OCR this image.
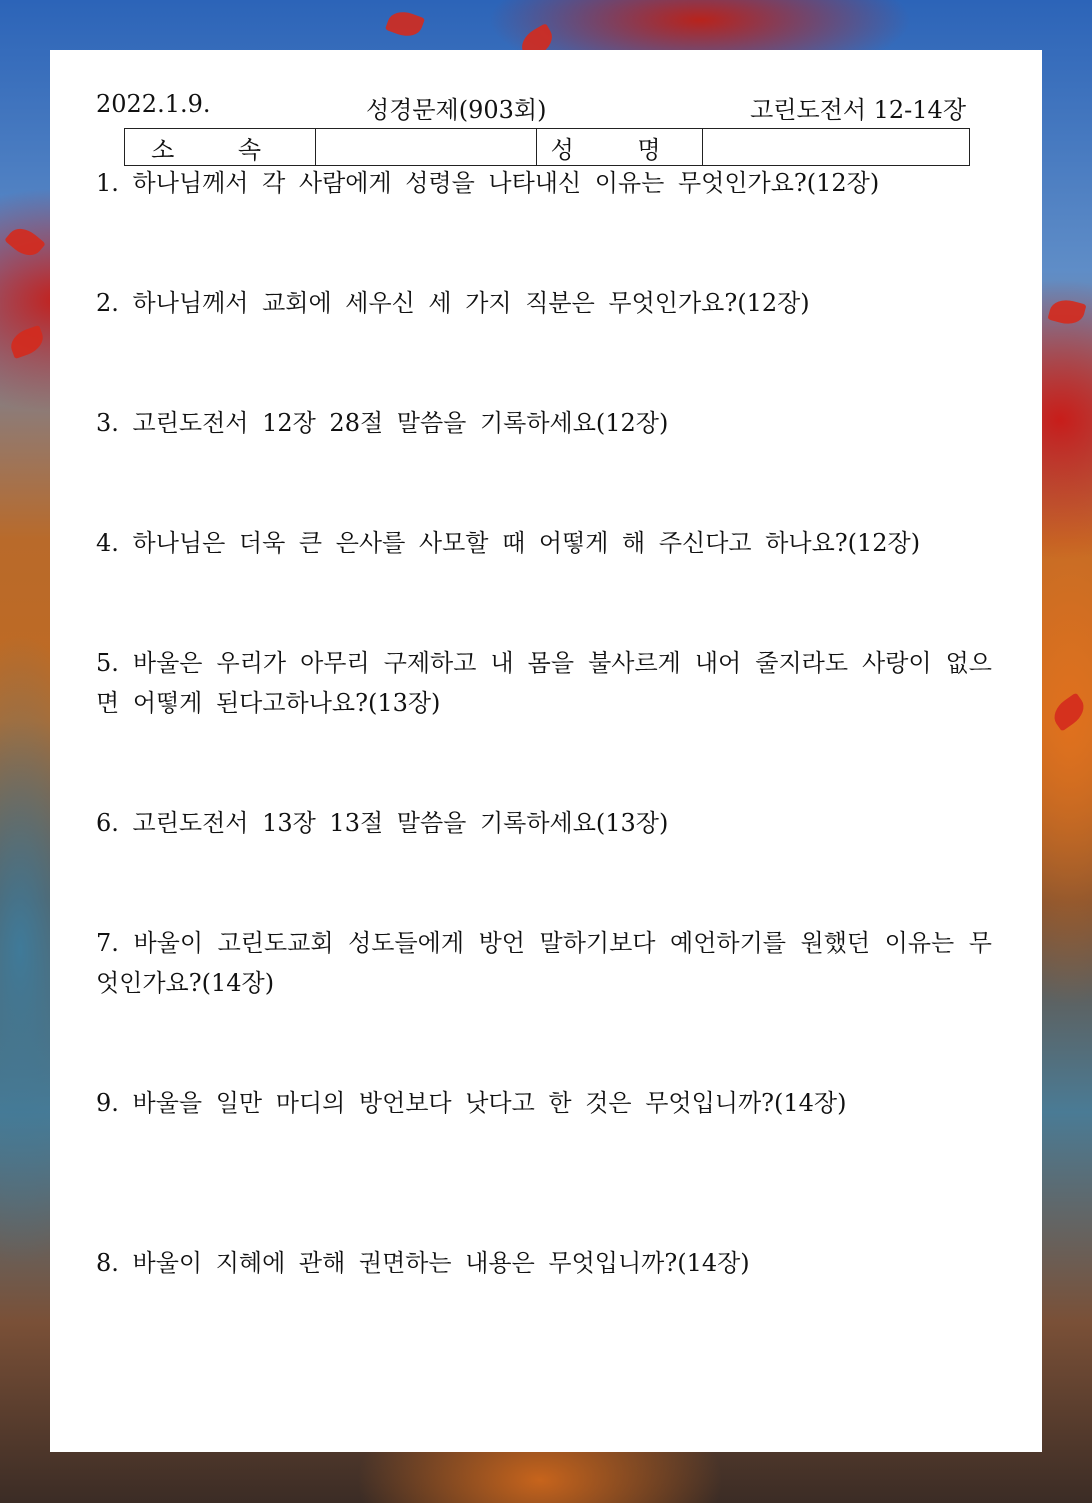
2022.1.9.	성경문제(903회)	고린도전서 12-14장
소 속		성 명	

1. 하나님께서 각 사람에게 성령을 나타내신 이유는 무엇인가요?(12장)

2. 하나님께서 교회에 세우신 세 가지 직분은 무엇인가요?(12장)

3. 고린도전서 12장 28절 말씀을 기록하세요(12장)

4. 하나님은 더욱 큰 은사를 사모할 때 어떻게 해 주신다고 하나요?(12장)

5. 바울은 우리가 아무리 구제하고 내 몸을 불사르게 내어 줄지라도 사랑이 없으면 어떻게 된다고하나요?(13장)

6. 고린도전서 13장 13절 말씀을 기록하세요(13장)

7. 바울이 고린도교회 성도들에게 방언 말하기보다 예언하기를 원했던 이유는 무엇인가요?(14장)

9. 바울을 일만 마디의 방언보다 낫다고 한 것은 무엇입니까?(14장)

8. 바울이 지혜에 관해 권면하는 내용은 무엇입니까?(14장)
